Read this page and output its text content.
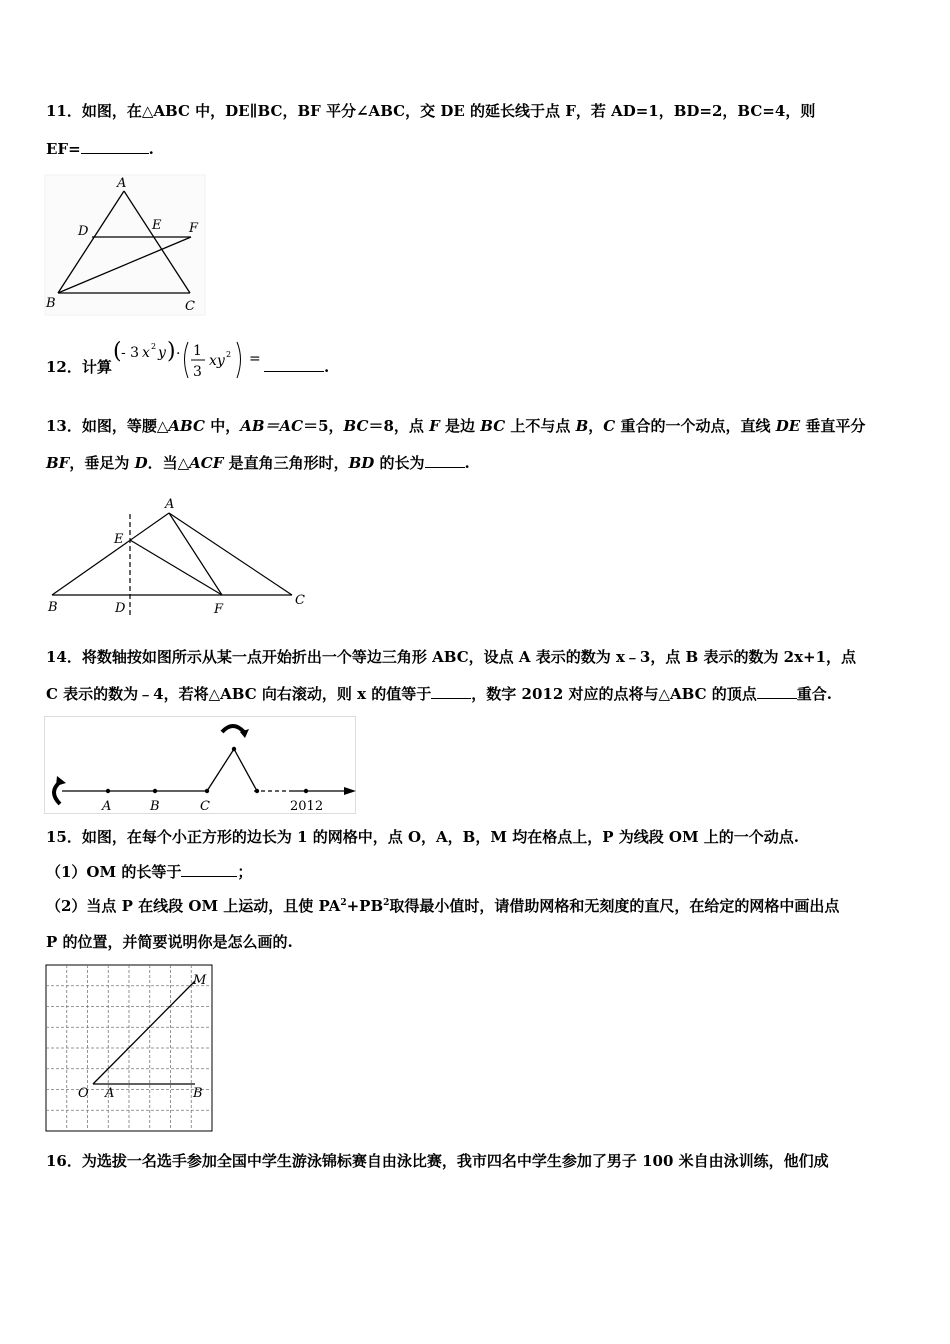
11．如图，在△ABC 中，DE∥BC，BF 平分∠ABC，交 DE 的延长线于点 F，若 AD=1，BD=2，BC=4，则
EF=	.
A
D	E F
B	C
12．计算
( - 3 x 2 y ) · 1
3
xy 2 =	.
13．如图，等腰△ABC 中，AB＝AC＝5，BC＝8，点 F 是边 BC 上不与点 B，C 重合的一个动点，直线 DE 垂直平分
BF，垂足为 D．当△ACF 是直角三角形时，BD 的长为	.
A
E
B	D	F
C
14．将数轴按如图所示从某一点开始折出一个等边三角形 ABC，设点 A 表示的数为 x﹣3，点 B 表示的数为 2x+1，点
C 表示的数为﹣4，若将△ABC 向右滚动，则 x 的值等于	，数字 2012 对应的点将与△ABC 的顶点	重合.
A	B	C	2012
15．如图，在每个小正方形的边长为 1 的网格中，点 O，A，B，M 均在格点上，P 为线段 OM 上的一个动点.
（1）OM 的长等于	；
（2）当点 P 在线段 OM 上运动，且使 $PA^2+PB^2$取得最小值时，请借助网格和无刻度的直尺，在给定的网格中画出点
P 的位置，并简要说明你是怎么画的.
O A	B
M
16．为选拔一名选手参加全国中学生游泳锦标赛自由泳比赛，我市四名中学生参加了男子 100 米自由泳训练，他们成
